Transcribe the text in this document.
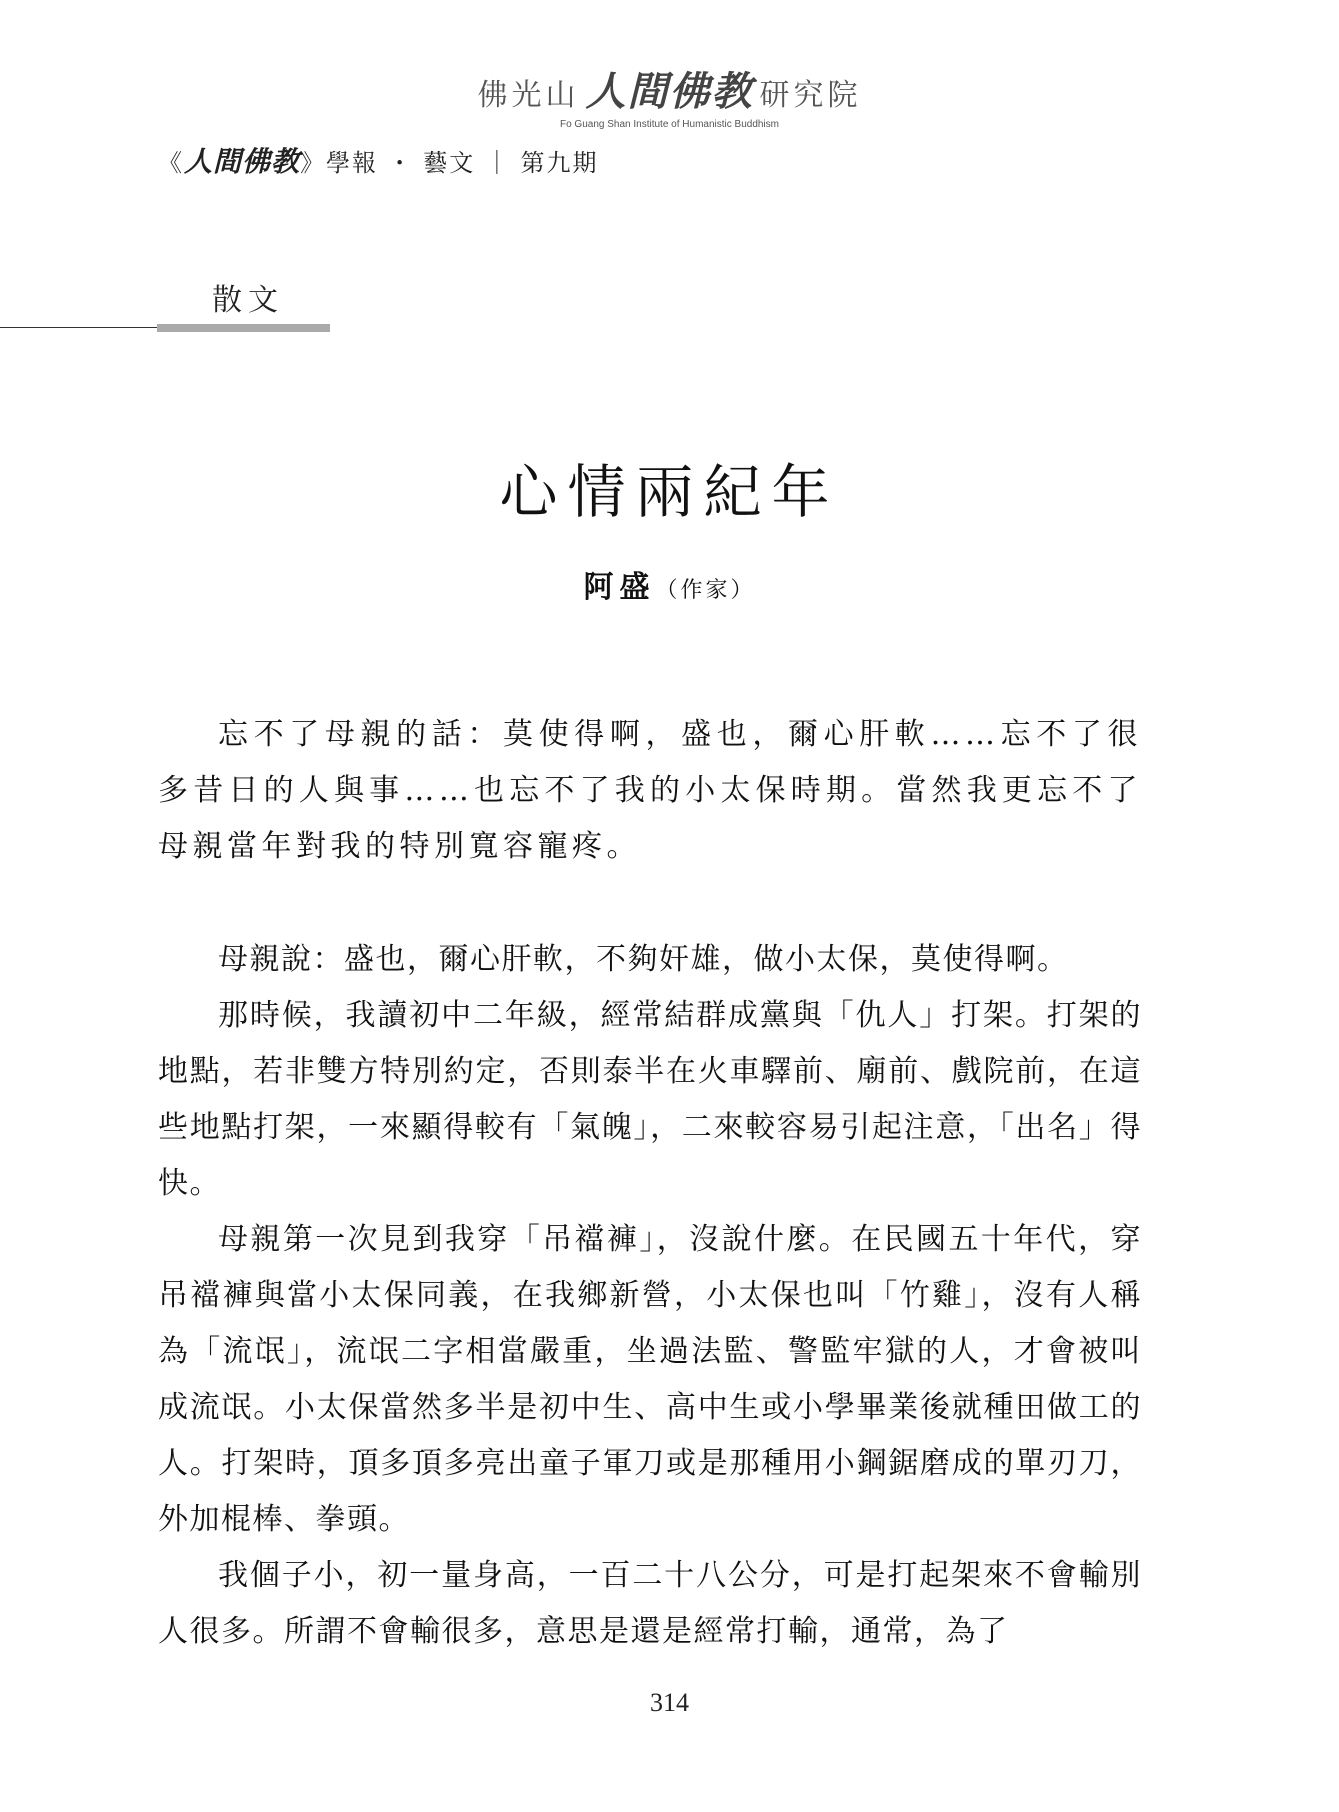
佛光山 人間佛教 研究院
Fo Guang Shan Institute of Humanistic Buddhism
《人間佛教》學報 ・ 藝文 ｜ 第九期
散文
心情兩紀年
阿盛（作家）

忘不了母親的話：莫使得啊，盛也，爾心肝軟……忘不了很多昔日的人與事……也忘不了我的小太保時期。當然我更忘不了母親當年對我的特別寬容寵疼。

母親說：盛也，爾心肝軟，不夠奸雄，做小太保，莫使得啊。

那時候，我讀初中二年級，經常結群成黨與「仇人」打架。打架的地點，若非雙方特別約定，否則泰半在火車驛前、廟前、戲院前，在這些地點打架，一來顯得較有「氣魄」，二來較容易引起注意，「出名」得快。

母親第一次見到我穿「吊襠褲」，沒說什麼。在民國五十年代，穿吊襠褲與當小太保同義，在我鄉新營，小太保也叫「竹雞」，沒有人稱為「流氓」，流氓二字相當嚴重，坐過法監、警監牢獄的人，才會被叫成流氓。小太保當然多半是初中生、高中生或小學畢業後就種田做工的人。打架時，頂多頂多亮出童子軍刀或是那種用小鋼鋸磨成的單刃刀，外加棍棒、拳頭。

我個子小，初一量身高，一百二十八公分，可是打起架來不會輸別人很多。所謂不會輸很多，意思是還是經常打輸，通常，為了

314
